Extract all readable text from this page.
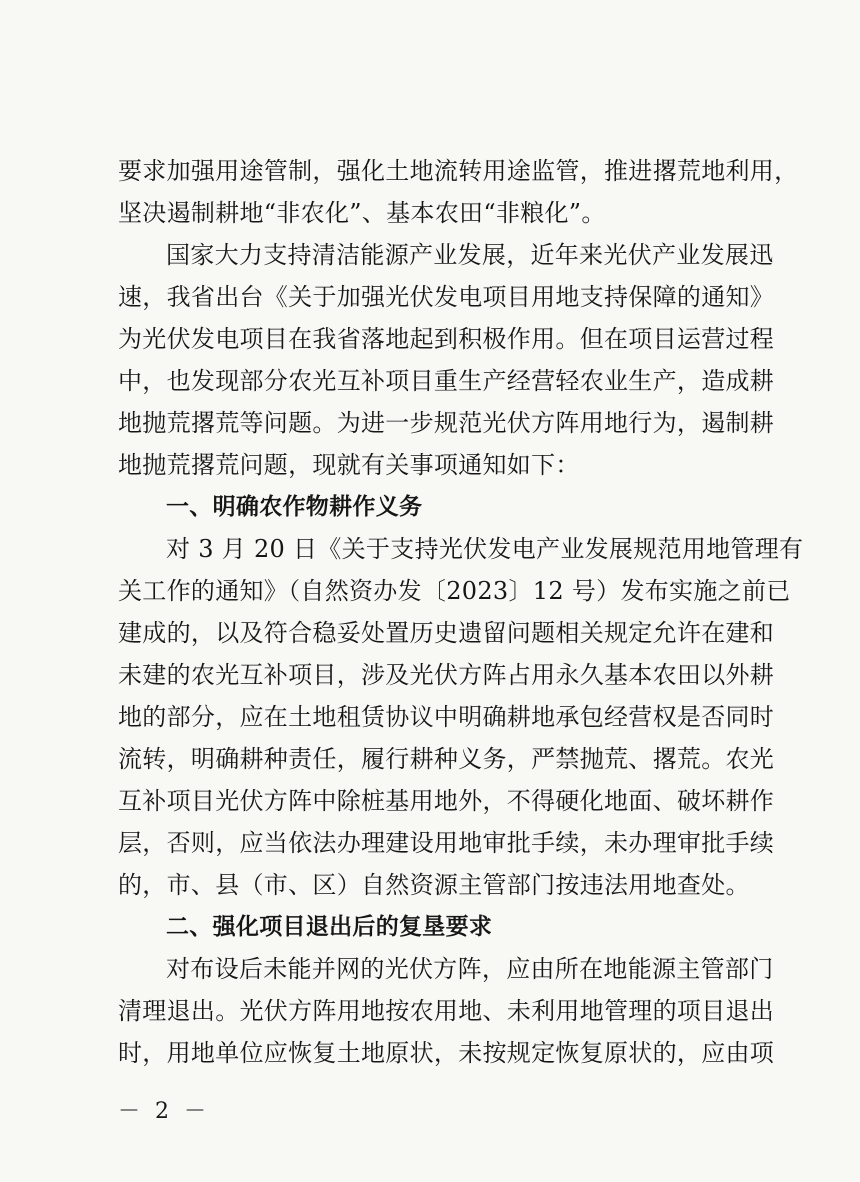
要求加强用途管制，强化土地流转用途监管，推进撂荒地利用，
坚决遏制耕地“非农化”、基本农田“非粮化”。
国家大力支持清洁能源产业发展，近年来光伏产业发展迅
速，我省出台《关于加强光伏发电项目用地支持保障的通知》
为光伏发电项目在我省落地起到积极作用。但在项目运营过程
中，也发现部分农光互补项目重生产经营轻农业生产，造成耕
地抛荒撂荒等问题。为进一步规范光伏方阵用地行为，遏制耕
地抛荒撂荒问题，现就有关事项通知如下：
一、明确农作物耕作义务
对 3 月 20 日《关于支持光伏发电产业发展规范用地管理有
关工作的通知》（自然资办发〔2023〕12 号）发布实施之前已
建成的，以及符合稳妥处置历史遗留问题相关规定允许在建和
未建的农光互补项目，涉及光伏方阵占用永久基本农田以外耕
地的部分，应在土地租赁协议中明确耕地承包经营权是否同时
流转，明确耕种责任，履行耕种义务，严禁抛荒、撂荒。农光
互补项目光伏方阵中除桩基用地外，不得硬化地面、破坏耕作
层，否则，应当依法办理建设用地审批手续，未办理审批手续
的，市、县（市、区）自然资源主管部门按违法用地查处。
二、强化项目退出后的复垦要求
对布设后未能并网的光伏方阵，应由所在地能源主管部门
清理退出。光伏方阵用地按农用地、未利用地管理的项目退出
时，用地单位应恢复土地原状，未按规定恢复原状的，应由项
－ 2 －
